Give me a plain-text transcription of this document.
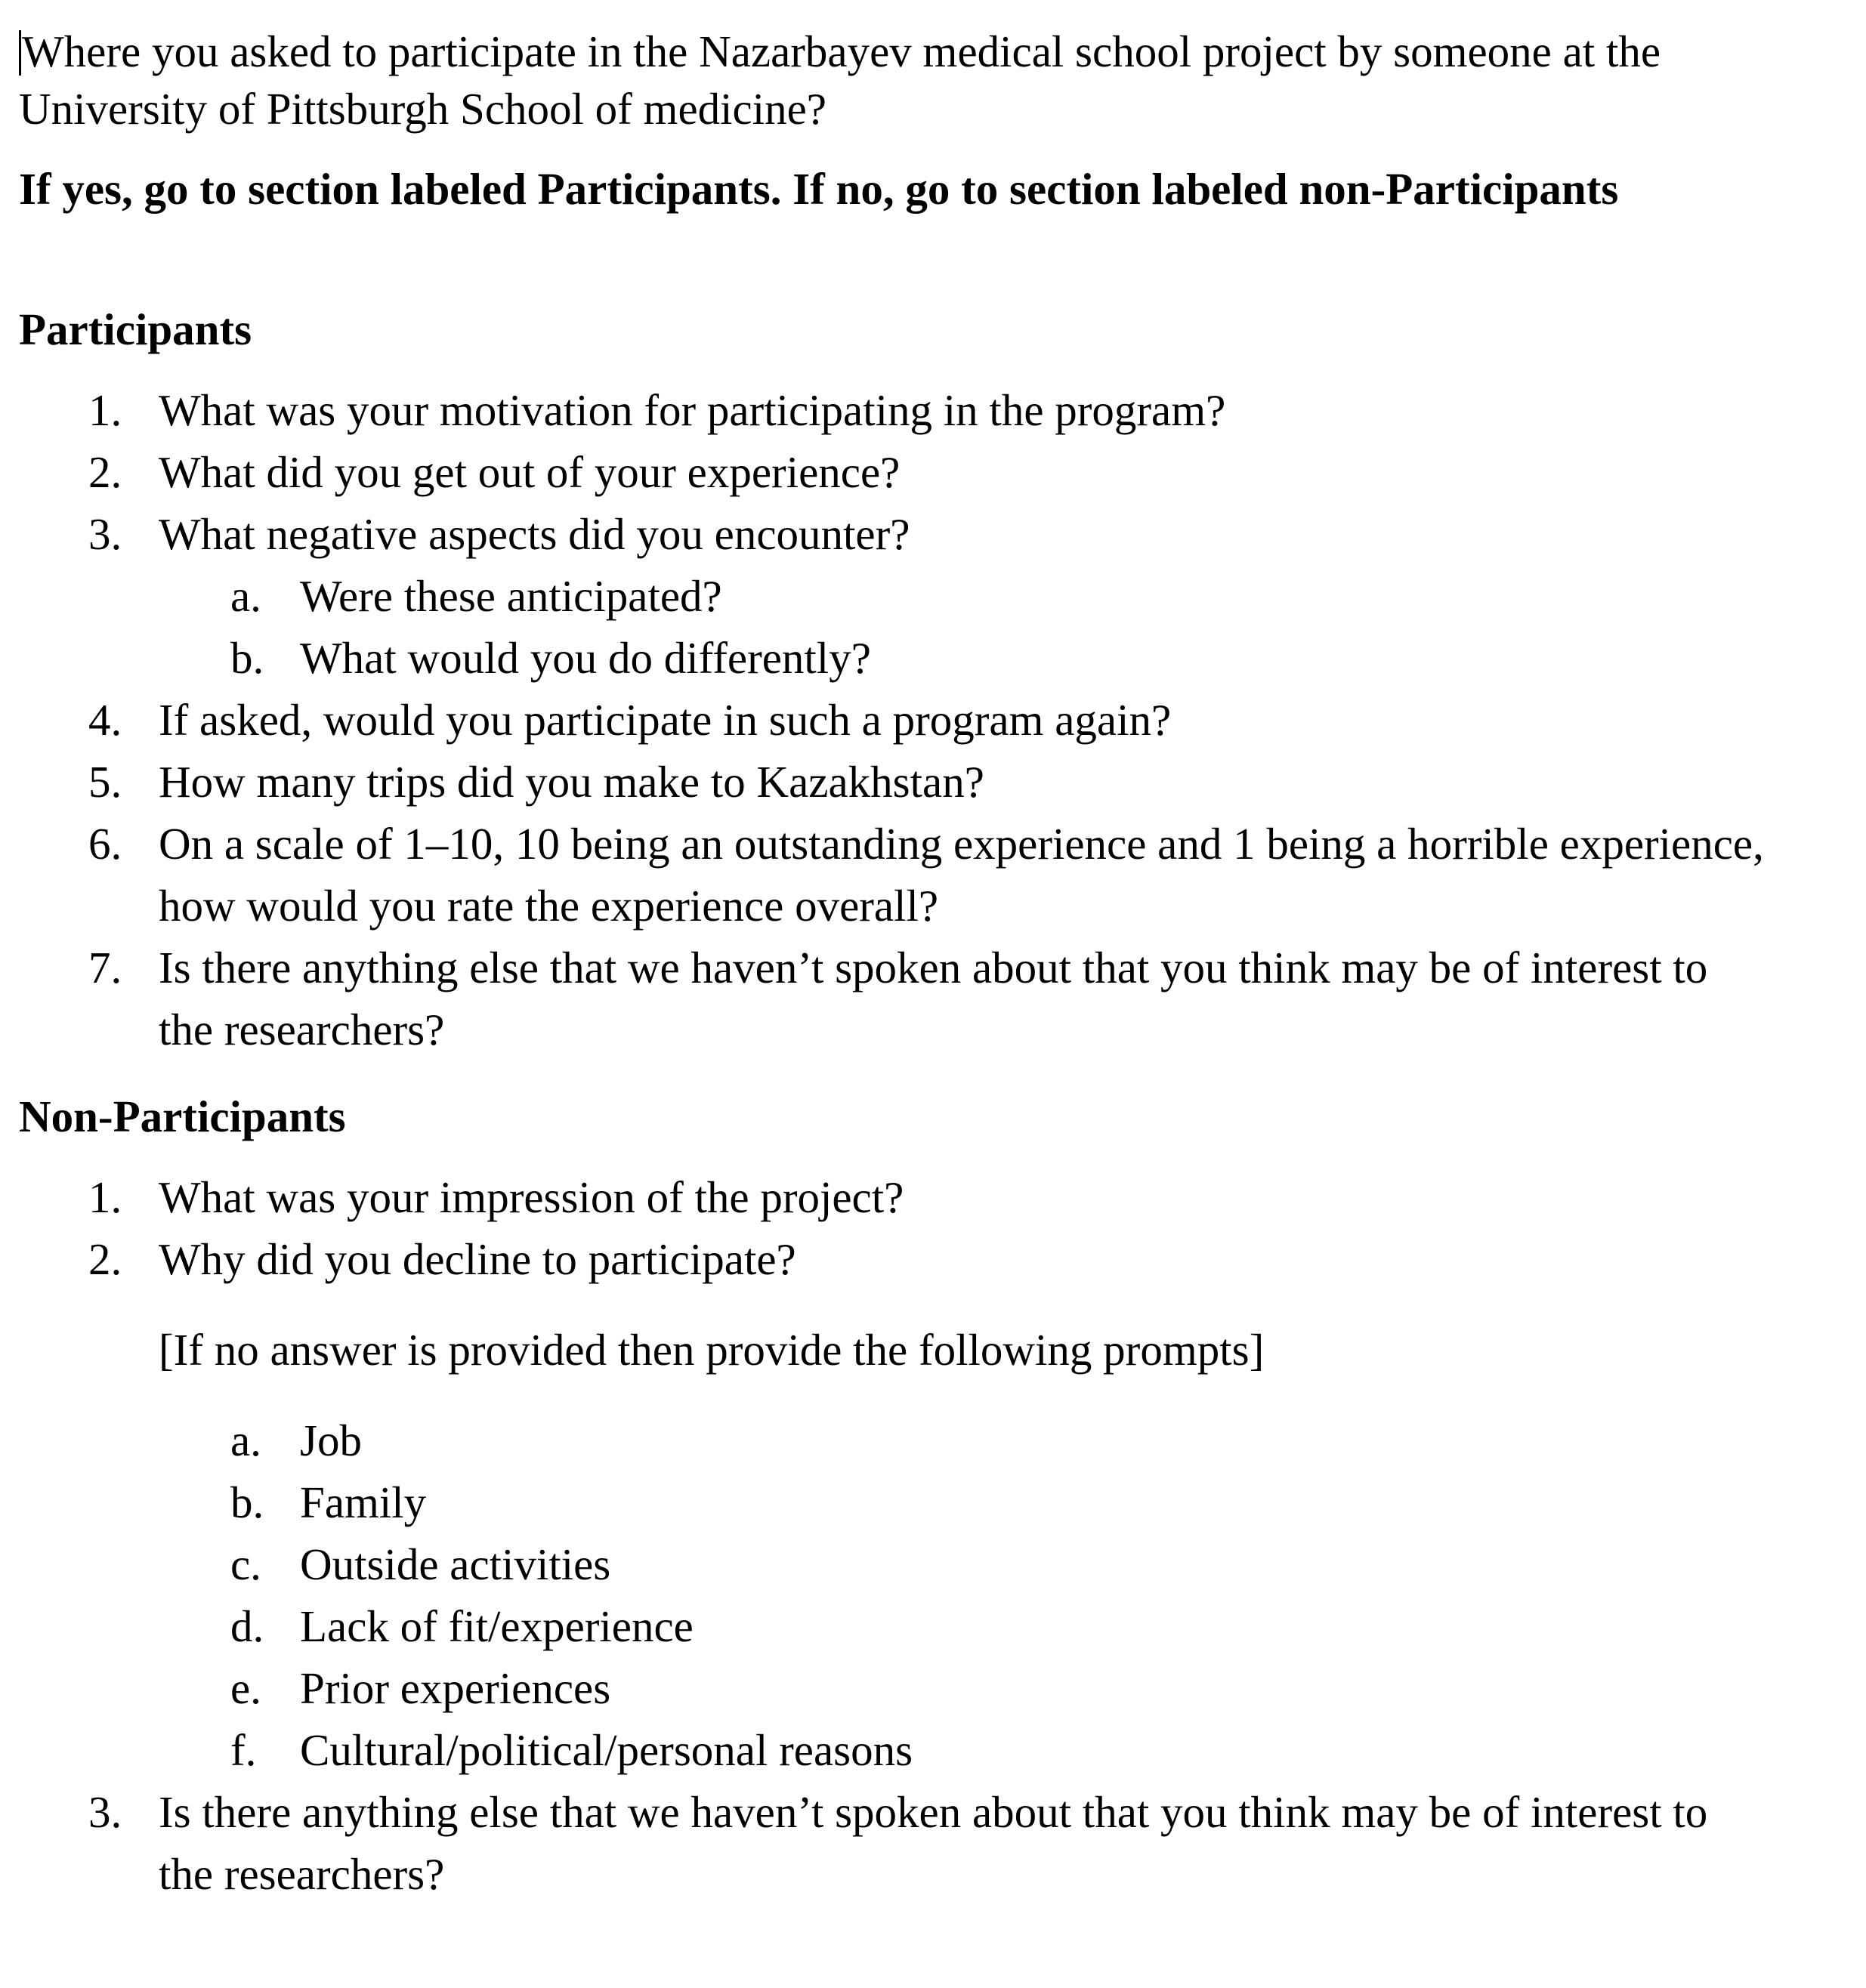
Where you asked to participate in the Nazarbayev medical school project by someone at the
University of Pittsburgh School of medicine?
If yes, go to section labeled Participants. If no, go to section labeled non-Participants
Participants
1. What was your motivation for participating in the program?
2. What did you get out of your experience?
3. What negative aspects did you encounter?
a. Were these anticipated?
b. What would you do differently?
4. If asked, would you participate in such a program again?
5. How many trips did you make to Kazakhstan?
6. On a scale of 1–10, 10 being an outstanding experience and 1 being a horrible experience,
how would you rate the experience overall?
7. Is there anything else that we haven’t spoken about that you think may be of interest to
the researchers?
Non-Participants
1. What was your impression of the project?
2. Why did you decline to participate?
[If no answer is provided then provide the following prompts]
a. Job
b. Family
c. Outside activities
d. Lack of fit/experience
e. Prior experiences
f. Cultural/political/personal reasons
3. Is there anything else that we haven’t spoken about that you think may be of interest to
the researchers?
